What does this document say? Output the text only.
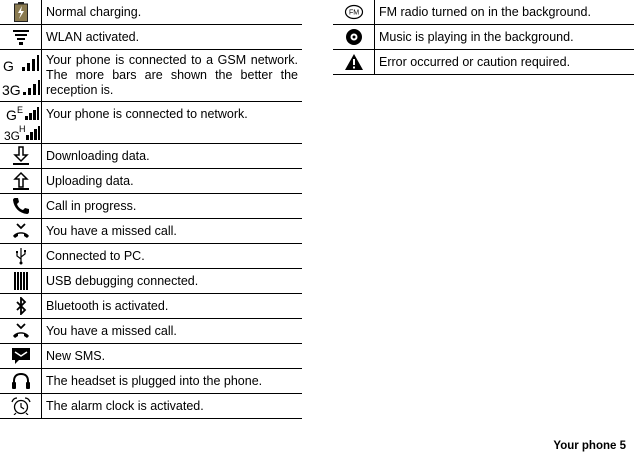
Normal charging.
WLAN activated.
G
3G
Your phone is connected to a GSM network. The more bars are shown the better the reception is.
G E
3G
H
Your phone is connected to network.
Downloading data.
Uploading data.
Call in progress.
You have a missed call.
Connected to PC.
USB debugging connected.
Bluetooth is activated.
You have a missed call.
New SMS.
The headset is plugged into the phone.
The alarm clock is activated.
FM	FM radio turned on in the background.
Music is playing in the background.
Error occurred or caution required.
Your phone 5
